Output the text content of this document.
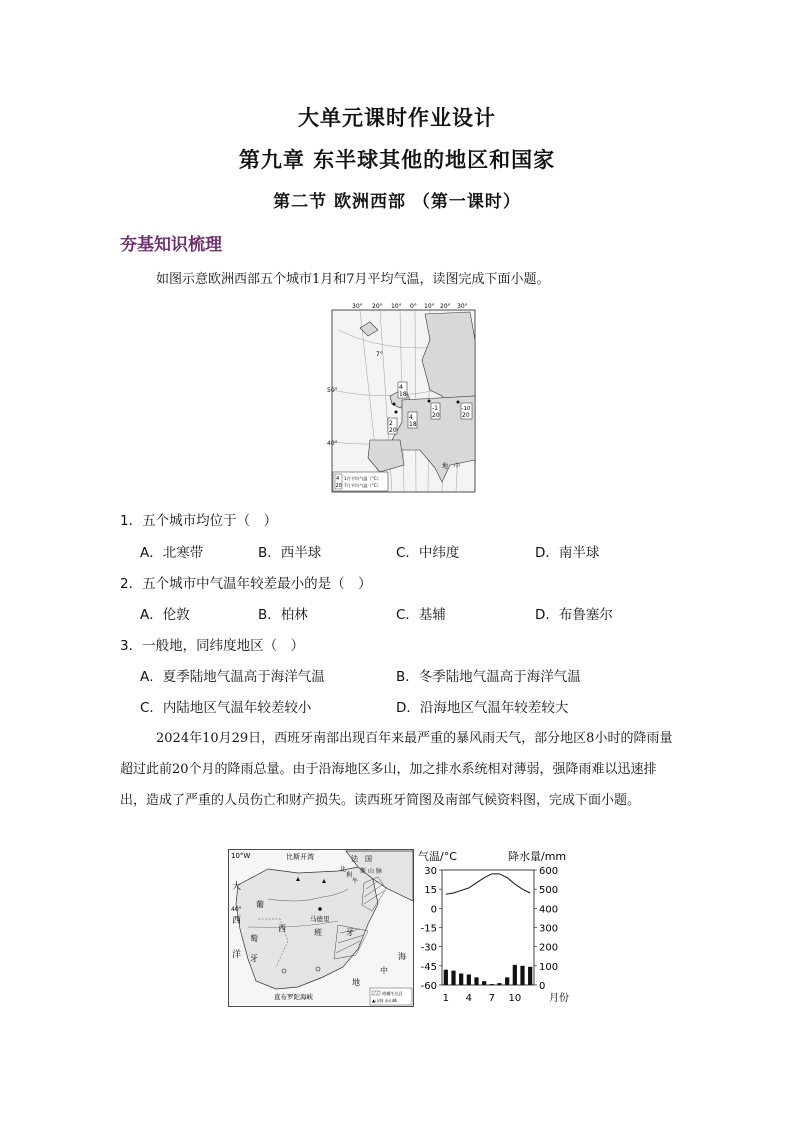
大单元课时作业设计
第九章 东半球其他的地区和国家
第二节 欧洲西部 （第一课时）
夯基知识梳理
如图示意欧洲西部五个城市1月和7月平均气温，读图完成下面小题。
30° 20° 10° 0° 10° 20° 30°
50°
40°
7°
4
18
2
20
4
18
-1
20
-10
20
地　中
4
20
1月平均气温（°C）
7月平均气温（°C）
1．五个城市均位于（　）
A．北寒带	B．西半球	C．中纬度	D．南半球
2．五个城市中气温年较差最小的是（　）
A．伦敦	B．柏林	C．基辅	D．布鲁塞尔
3．一般地，同纬度地区（　）
A．夏季陆地气温高于海洋气温	B．冬季陆地气温高于海洋气温
C．内陆地区气温年较差较小	D．沿海地区气温年较差较大
2024年10月29日，西班牙南部出现百年来最严重的暴风雨天气，部分地区8小时的降雨量超过此前20个月的降雨总量。由于沿海地区多山，加之排水系统相对薄弱，强降雨难以迅速排出，造成了严重的人员伤亡和财产损失。读西班牙简图及南部气候资料图，完成下面小题。
10°W	比斯开湾	法　国
40°
大
西
洋
葡
萄
牙
西	班	牙
马德里
比
利
牛
斯 山 脉
中
海
地
直布罗陀海峡	柑橘生长区
▲山脉 ◎山峰
气温/°C	降水量/mm
月份
30
15
0
-15
-30
-45
-60
600
500
400
300
200
100
0
1 4 7 10
